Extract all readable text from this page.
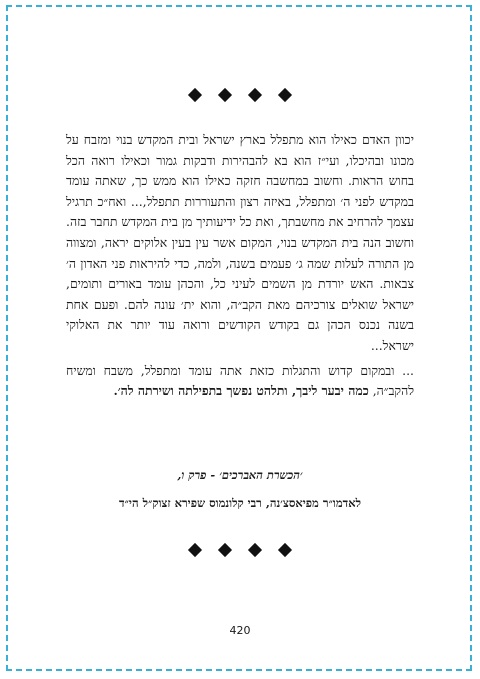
יכוון האדם כאילו הוא מתפלל בארץ ישראל ובית המקדש בנוי ומזבח על מכונו ובהיכלו, ועי״ז הוא בא להבהירות ודבקות גמור וכאילו רואה הכל בחוש הראות. וחשוב במחשבה חזקה כאילו הוא ממש כך, שאתה עומד במקדש לפני ה׳ ומתפלל, באיזה רצון והתעוררות תתפלל,... ואח״כ תרגיל עצמך להרחיב את מחשבתך, ואת כל ידיעותיך מן בית המקדש תחבר בזה. וחשוב הנה בית המקדש בנוי, המקום אשר עין בעין אלוקים יראה, ומצווה מן התורה לעלות שמה ג׳ פעמים בשנה, ולמה, כדי להיראות פני האדון ה׳ צבאות. האש יורדת מן השמים לעיני כל, והכהן עומד באורים ותומים, ישראל שואלים צורכיהם מאת הקב״ה, והוא ית׳ עונה להם. ופעם אחת בשנה נכנס הכהן גם בקודש הקודשים ורואה עוד יותר את האלוקי ישראל...

... ובמקום קדוש והתגלות כזאת אתה עומד ומתפלל, משבח ומשיח להקב״ה, כמה יבער ליבך, ותלהט נפשך בתפילתה ושירתה לה׳.

׳הכשרת האברכים׳ - פרק ו,
לאדמו״ר מפיאסצ׳נה, רבי קלונמוס שפירא זצוק״ל הי״ד
420
